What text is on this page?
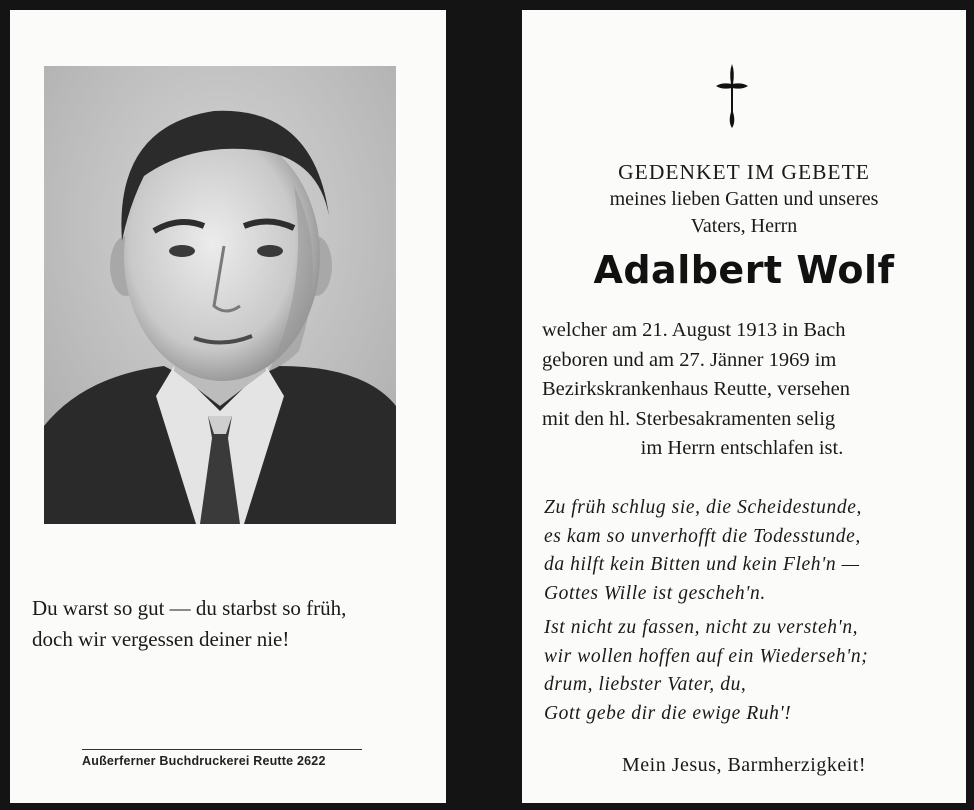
Du warst so gut — du starbst so früh,
doch wir vergessen deiner nie!
Außerferner Buchdruckerei Reutte 2622
GEDENKET IM GEBETE
meines lieben Gatten und unseres
Vaters, Herrn
Adalbert Wolf
welcher am 21. August 1913 in Bach
geboren und am 27. Jänner 1969 im
Bezirkskrankenhaus Reutte, versehen
mit den hl. Sterbesakramenten selig
im Herrn entschlafen ist.
Zu früh schlug sie, die Scheidestunde,
es kam so unverhofft die Todesstunde,
da hilft kein Bitten und kein Fleh'n —
Gottes Wille ist gescheh'n.
Ist nicht zu fassen, nicht zu versteh'n,
wir wollen hoffen auf ein Wiederseh'n;
drum, liebster Vater, du,
Gott gebe dir die ewige Ruh'!
Mein Jesus, Barmherzigkeit!
